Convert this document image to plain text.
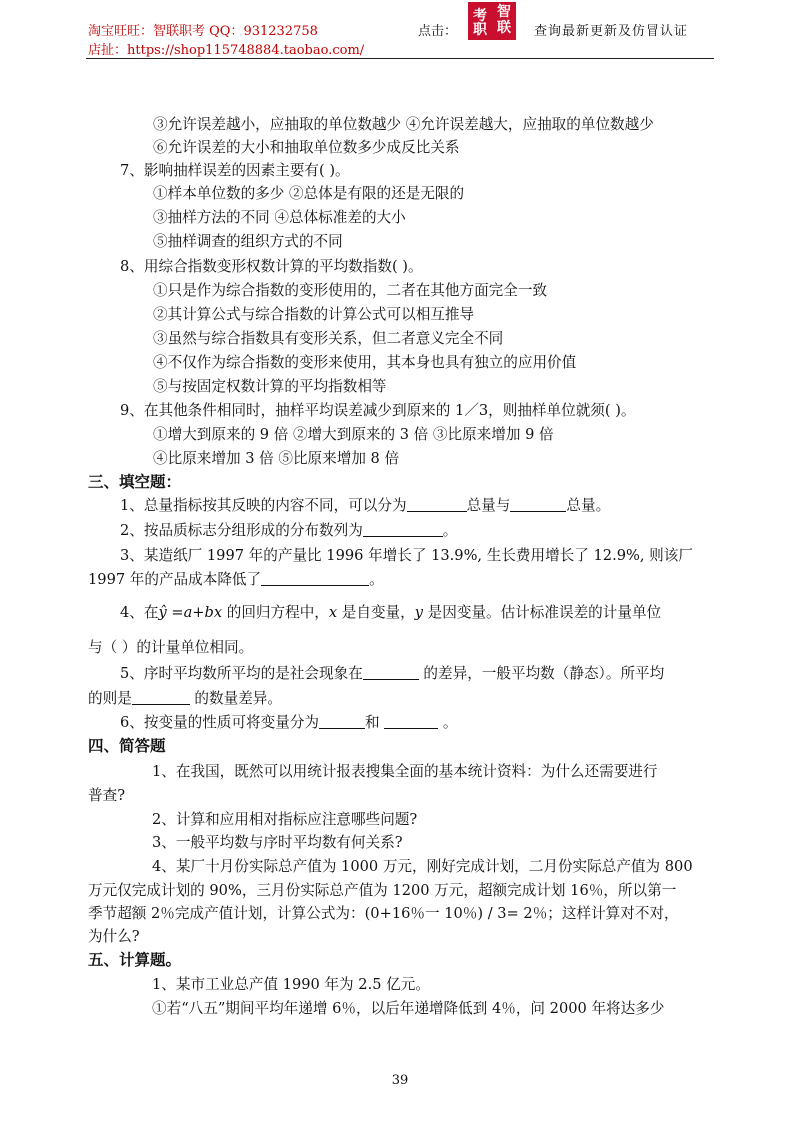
淘宝旺旺：智联职考 QQ：931232758
店扯：https://shop115748884.taobao.com/
点击：
考 智
职 联	查询最新更新及仿冒认证
③允许误差越小，应抽取的单位数越少 ④允许误差越大，应抽取的单位数越少
⑥允许误差的大小和抽取单位数多少成反比关系
7、影响抽样误差的因素主要有( )。
①样本单位数的多少 ②总体是有限的还是无限的
③抽样方法的不同 ④总体标准差的大小
⑤抽样调查的组织方式的不同
8、用综合指数变形权数计算的平均数指数( )。
①只是作为综合指数的变形使用的，二者在其他方面完全一致
②其计算公式与综合指数的计算公式可以相互推导
③虽然与综合指数具有变形关系，但二者意义完全不同
④不仅作为综合指数的变形来使用，其本身也具有独立的应用价值
⑤与按固定权数计算的平均指数相等
9、在其他条件相同时，抽样平均误差减少到原来的 1／3，则抽样单位就须( )。
①增大到原来的 9 倍 ②增大到原来的 3 倍 ③比原来增加 9 倍
④比原来增加 3 倍 ⑤比原来增加 8 倍
三、填空题：
1、总量指标按其反映的内容不同，可以分为	总量与	总量。
2、按品质标志分组形成的分布数列为	。
3、某造纸厂 1997 年的产量比 1996 年增长了 13.9%, 生长费用增长了 12.9%, 则该厂
1997 年的产品成本降低了	。
4、在ŷ =a+bx 的回归方程中，x 是自变量，y 是因变量。估计标准误差的计量单位
与（ ）的计量单位相同。
5、序时平均数所平均的是社会现象在	的差异，一般平均数（静态）。所平均
的则是	的数量差异。
6、按变量的性质可将变量分为	和	。
四、简答题
1、在我国，既然可以用统计报表搜集全面的基本统计资料：为什么还需要进行
普查?
2、计算和应用相对指标应注意哪些问题?
3、一般平均数与序时平均数有何关系?
4、某厂十月份实际总产值为 1000 万元，刚好完成计划，二月份实际总产值为 800
万元仅完成计划的 90%，三月份实际总产值为 1200 万元，超额完成计划 16％，所以第一
季节超额 2％完成产值计划，计算公式为：(0+16％一 10％) / 3= 2％；这样计算对不对，
为什么?
五、计算题。
1、某市工业总产值 1990 年为 2.5 亿元。
①若“八五”期间平均年递增 6％，以后年递增降低到 4％，问 2000 年将达多少
39
